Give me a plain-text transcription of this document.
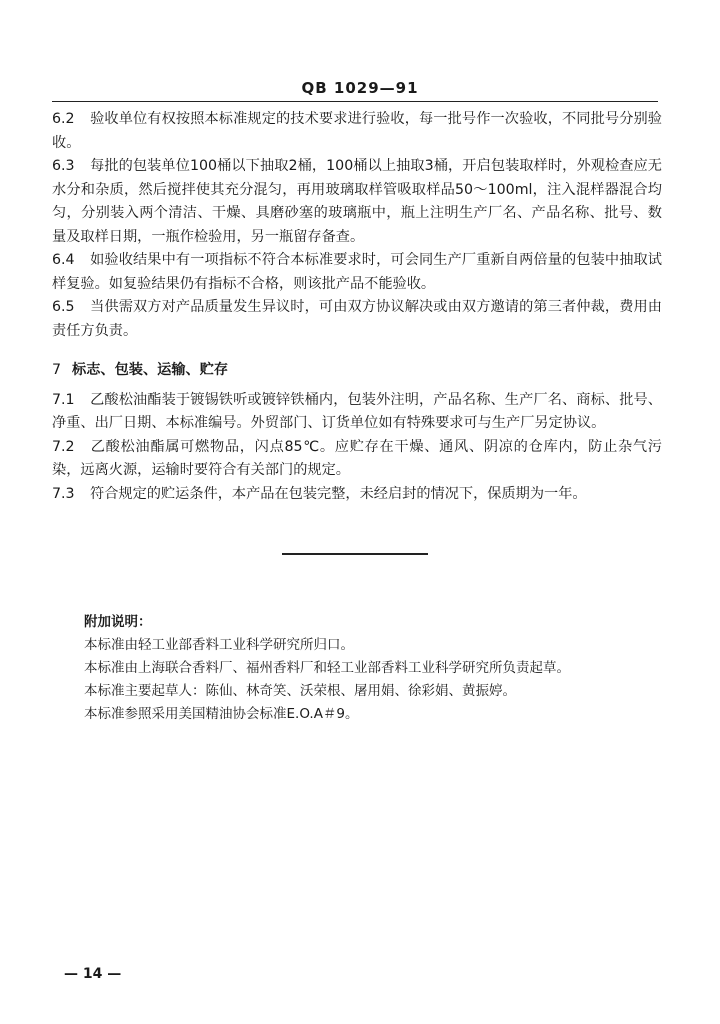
QB 1029—91

6.2 验收单位有权按照本标准规定的技术要求进行验收，每一批号作一次验收，不同批号分别验收。

6.3 每批的包装单位100桶以下抽取2桶，100桶以上抽取3桶，开启包装取样时，外观检查应无水分和杂质，然后搅拌使其充分混匀，再用玻璃取样管吸取样品50～100ml，注入混样器混合均匀，分别装入两个清洁、干燥、具磨砂塞的玻璃瓶中，瓶上注明生产厂名、产品名称、批号、数量及取样日期，一瓶作检验用，另一瓶留存备查。

6.4 如验收结果中有一项指标不符合本标准要求时，可会同生产厂重新自两倍量的包装中抽取试样复验。如复验结果仍有指标不合格，则该批产品不能验收。

6.5 当供需双方对产品质量发生异议时，可由双方协议解决或由双方邀请的第三者仲裁，费用由责任方负责。

7 标志、包装、运输、贮存

7.1 乙酸松油酯装于镀锡铁听或镀锌铁桶内，包装外注明，产品名称、生产厂名、商标、批号、净重、出厂日期、本标准编号。外贸部门、订货单位如有特殊要求可与生产厂另定协议。

7.2 乙酸松油酯属可燃物品，闪点85℃。应贮存在干燥、通风、阴凉的仓库内，防止杂气污染，远离火源，运输时要符合有关部门的规定。

7.3 符合规定的贮运条件，本产品在包装完整，未经启封的情况下，保质期为一年。

附加说明：
本标准由轻工业部香料工业科学研究所归口。
本标准由上海联合香料厂、福州香料厂和轻工业部香料工业科学研究所负责起草。
本标准主要起草人：陈仙、林奇笑、沃荣根、屠用娟、徐彩娟、黄振婷。
本标准参照采用美国精油协会标准E.O.A＃9。
— 14 —
